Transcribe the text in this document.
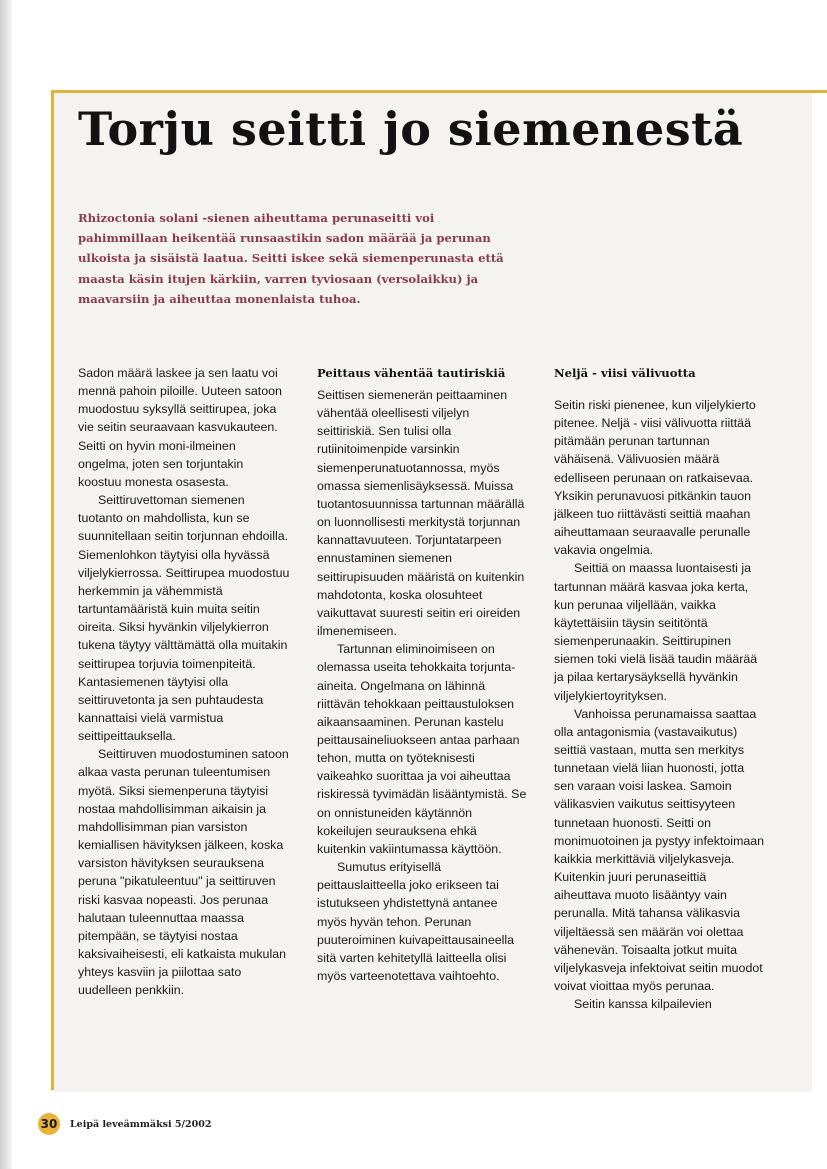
Torju seitti jo siemenestä

Rhizoctonia solani -sienen aiheuttama perunaseitti voi pahimmillaan heikentää runsaastikin sadon määrää ja perunan ulkoista ja sisäistä laatua. Seitti iskee sekä siemenperunasta että maasta käsin itujen kärkiin, varren tyviosaan (versolaikku) ja maavarsiin ja aiheuttaa monenlaista tuhoa.

Sadon määrä laskee ja sen laatu voi mennä pahoin piloille. Uuteen satoon muodostuu syksyllä seittirupea, joka vie seitin seuraavaan kasvukauteen. Seitti on hyvin moni-ilmeinen ongelma, joten sen torjuntakin koostuu monesta osasesta.

Seittiruvettoman siemenen tuotanto on mahdollista, kun se suunnitellaan seitin torjunnan ehdoilla. Siemenlohkon täytyisi olla hyvässä viljelykierrossa. Seittirupea muodostuu herkemmin ja vähemmistä tartuntamääristä kuin muita seitin oireita. Siksi hyvänkin viljelykierron tukena täytyy välttämättä olla muitakin seittirupea torjuvia toimenpiteitä. Kantasiemenen täytyisi olla seittiruvetonta ja sen puhtaudesta kannattaisi vielä varmistua seittipeittauksella.

Seittiruven muodostuminen satoon alkaa vasta perunan tuleentumisen myötä. Siksi siemenperuna täytyisi nostaa mahdollisimman aikaisin ja mahdollisimman pian varsiston kemiallisen hävityksen jälkeen, koska varsiston hävityksen seurauksena peruna "pikatuleentuu" ja seittiruven riski kasvaa nopeasti. Jos perunaa halutaan tuleennuttaa maassa pitempään, se täytyisi nostaa kaksivaiheisesti, eli katkaista mukulan yhteys kasviin ja piilottaa sato uudelleen penkkiin.

Peittaus vähentää tautiriskiä

Seittisen siemenerän peittaaminen vähentää oleellisesti viljelyn seittiriskiä. Sen tulisi olla rutiinitoimenpide varsinkin siemenperunatuotannossa, myös omassa siemenlisäyksessä. Muissa tuotantosuunnissa tartunnan määrällä on luonnollisesti merkitystä torjunnan kannattavuuteen. Torjuntatarpeen ennustaminen siemenen seittirupisuuden määristä on kuitenkin mahdotonta, koska olosuhteet vaikuttavat suuresti seitin eri oireiden ilmenemiseen.

Tartunnan eliminoimiseen on olemassa useita tehokkaita torjunta-aineita. Ongelmana on lähinnä riittävän tehokkaan peittaustuloksen aikaansaaminen. Perunan kastelu peittausaineliuokseen antaa parhaan tehon, mutta on työteknisesti vaikeahko suorittaa ja voi aiheuttaa riskiressä tyvimädän lisääntymistä. Se on onnistuneiden käytännön kokeilujen seurauksena ehkä kuitenkin vakiintumassa käyttöön.

Sumutus erityisellä peittauslaitteella joko erikseen tai istutukseen yhdistettynä antanee myös hyvän tehon. Perunan puuteroiminen kuivapeittausaineella sitä varten kehitetyllä laitteella olisi myös varteenotettava vaihtoehto.

Neljä - viisi välivuotta

Seitin riski pienenee, kun viljelykierto pitenee. Neljä - viisi välivuotta riittää pitämään perunan tartunnan vähäisenä. Välivuosien määrä edelliseen perunaan on ratkaisevaa. Yksikin perunavuosi pitkänkin tauon jälkeen tuo riittävästi seittiä maahan aiheuttamaan seuraavalle perunalle vakavia ongelmia.

Seittiä on maassa luontaisesti ja tartunnan määrä kasvaa joka kerta, kun perunaa viljellään, vaikka käytettäisiin täysin seititöntä siemenperunaakin. Seittirupinen siemen toki vielä lisää taudin määrää ja pilaa kertarysäyksellä hyvänkin viljelykiertoyrityksen.

Vanhoissa perunamaissa saattaa olla antagonismia (vastavaikutus) seittiä vastaan, mutta sen merkitys tunnetaan vielä liian huonosti, jotta sen varaan voisi laskea. Samoin välikasvien vaikutus seittisyyteen tunnetaan huonosti. Seitti on monimuotoinen ja pystyy infektoimaan kaikkia merkittäviä viljelykasveja. Kuitenkin juuri perunaseittiä aiheuttava muoto lisääntyy vain perunalla. Mitä tahansa välikasvia viljeltäessä sen määrän voi olettaa vähenevän. Toisaalta jotkut muita viljelykasveja infektoivat seitin muodot voivat vioittaa myös perunaa.

Seitin kanssa kilpailevien

30 Leipä leveämmäksi 5/2002
